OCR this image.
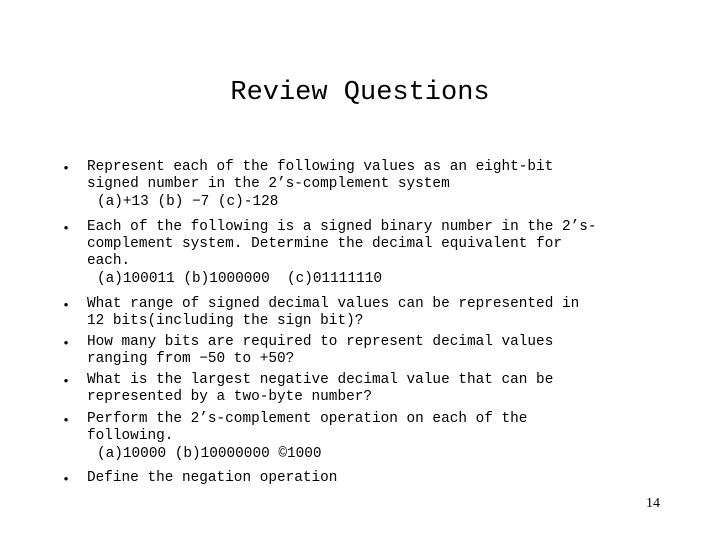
Review Questions
• Represent each of the following values as an eight-bit
signed number in the 2’s-complement system
(a)+13 (b) −7 (c)-128
• Each of the following is a signed binary number in the 2’s-
complement system. Determine the decimal equivalent for
each.
(a)100011 (b)1000000  (c)01111110
• What range of signed decimal values can be represented in
12 bits(including the sign bit)?
• How many bits are required to represent decimal values
ranging from −50 to +50?
• What is the largest negative decimal value that can be
represented by a two-byte number?
• Perform the 2’s-complement operation on each of the
following.
(a)10000 (b)10000000 ©1000
• Define the negation operation
14
